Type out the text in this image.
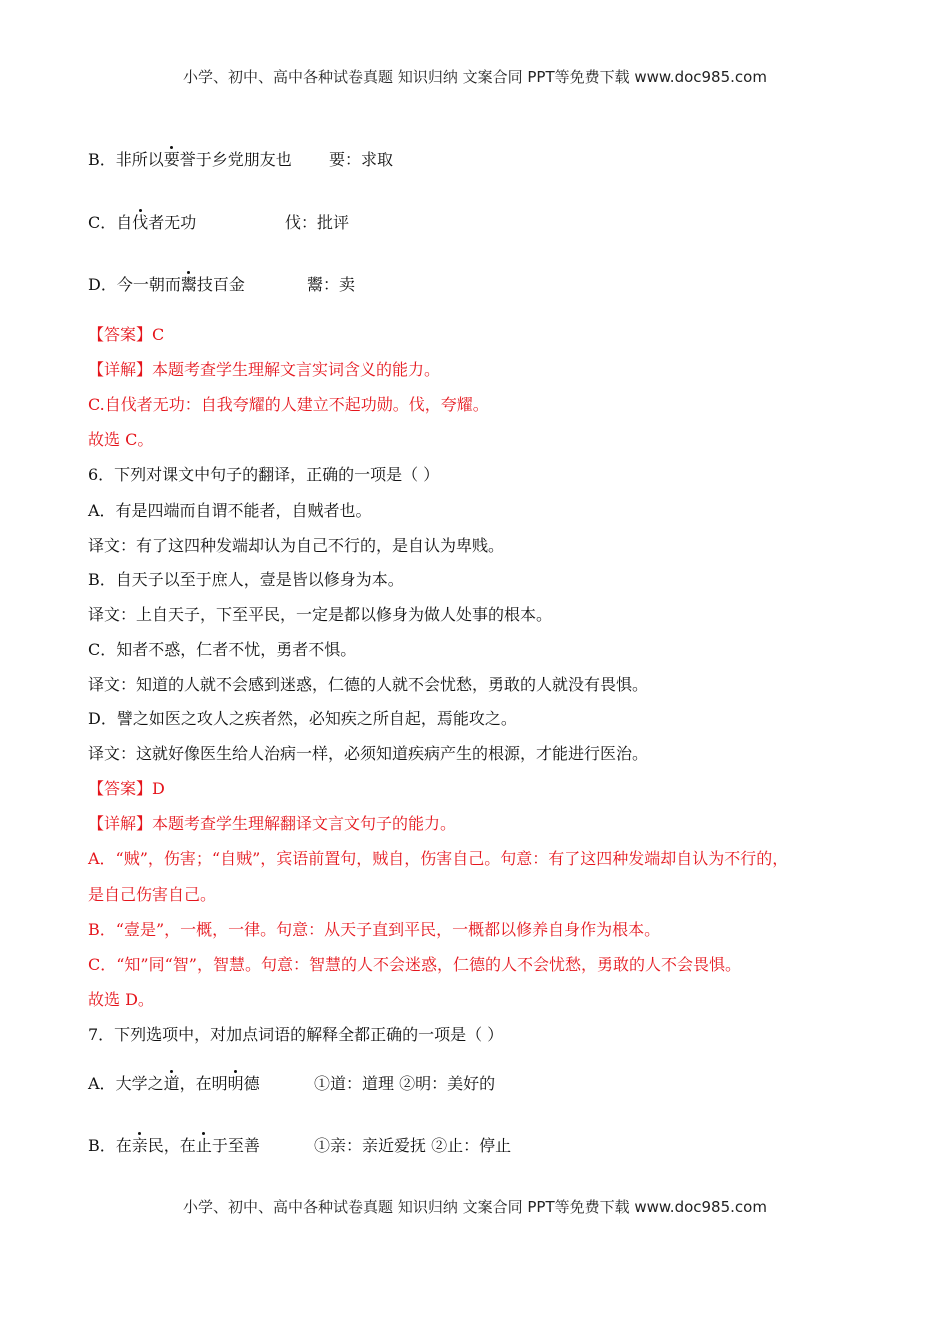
小学、初中、高中各种试卷真题 知识归纳 文案合同 PPT等免费下载 www.doc985.com
B．非所以要誉于乡党朋友也 要：求取
C．自伐者无功	伐：批评
D．今一朝而鬻技百金	鬻：卖
【答案】C
【详解】本题考查学生理解文言实词含义的能力。
C.自伐者无功：自我夸耀的人建立不起功勋。伐，夸耀。
故选 C。
6．下列对课文中句子的翻译，正确的一项是（ ）
A．有是四端而自谓不能者，自贼者也。
译文：有了这四种发端却认为自己不行的，是自认为卑贱。
B．自天子以至于庶人，壹是皆以修身为本。
译文：上自天子，下至平民，一定是都以修身为做人处事的根本。
C．知者不惑，仁者不忧，勇者不惧。
译文：知道的人就不会感到迷惑，仁德的人就不会忧愁，勇敢的人就没有畏惧。
D．譬之如医之攻人之疾者然，必知疾之所自起，焉能攻之。
译文：这就好像医生给人治病一样，必须知道疾病产生的根源，才能进行医治。
【答案】D
【详解】本题考查学生理解翻译文言文句子的能力。
A．“贼”，伤害；“自贼”，宾语前置句，贼自，伤害自己。句意：有了这四种发端却自认为不行的，
是自己伤害自己。
B．“壹是”，一概，一律。句意：从天子直到平民，一概都以修养自身作为根本。
C．“知”同“智”，智慧。句意：智慧的人不会迷惑，仁德的人不会忧愁，勇敢的人不会畏惧。
故选 D。
7．下列选项中，对加点词语的解释全都正确的一项是（ ）
A．大学之道，在明明德	①道：道理 ②明：美好的
B．在亲民，在止于至善	①亲：亲近爱抚 ②止：停止
小学、初中、高中各种试卷真题 知识归纳 文案合同 PPT等免费下载 www.doc985.com
